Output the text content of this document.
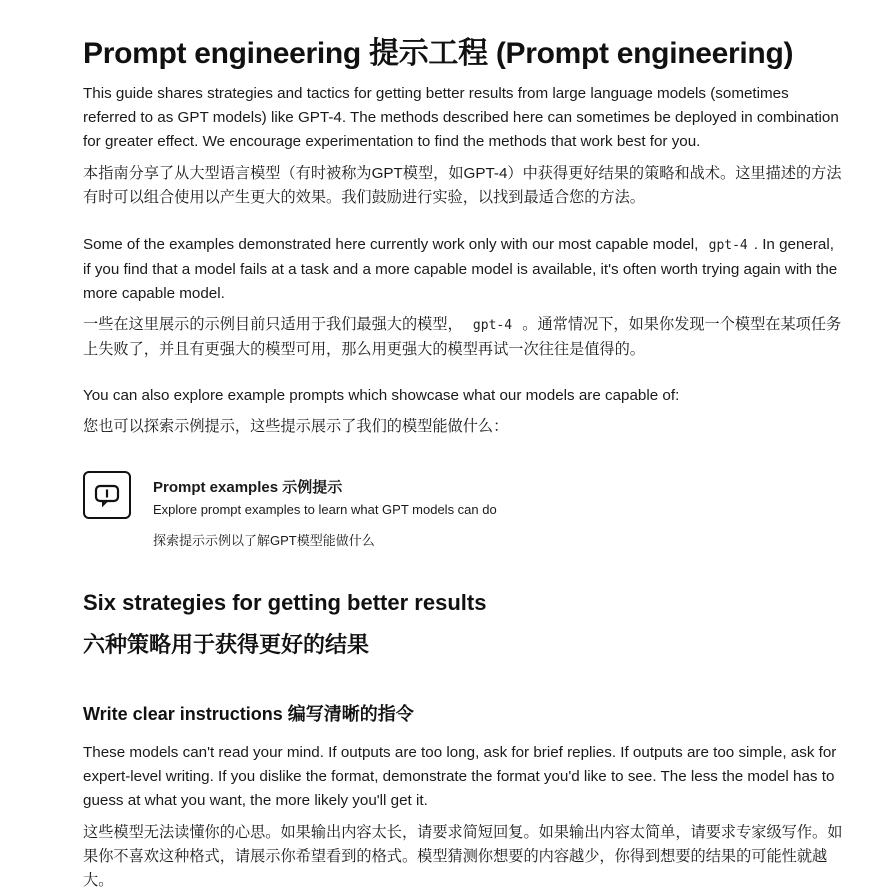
Prompt engineering 提示工程 (Prompt engineering)

This guide shares strategies and tactics for getting better results from large language models (sometimes referred to as GPT models) like GPT-4. The methods described here can sometimes be deployed in combination for greater effect. We encourage experimentation to find the methods that work best for you.

本指南分享了从大型语言模型（有时被称为GPT模型，如GPT-4）中获得更好结果的策略和战术。这里描述的方法有时可以组合使用以产生更大的效果。我们鼓励进行实验，以找到最适合您的方法。

Some of the examples demonstrated here currently work only with our most capable model, gpt-4 . In general, if you find that a model fails at a task and a more capable model is available, it's often worth trying again with the more capable model.

一些在这里展示的示例目前只适用于我们最强大的模型， gpt-4 。通常情况下，如果你发现一个模型在某项任务上失败了，并且有更强大的模型可用，那么用更强大的模型再试一次往往是值得的。

You can also explore example prompts which showcase what our models are capable of:

您也可以探索示例提示，这些提示展示了我们的模型能做什么：

Prompt examples 示例提示
Explore prompt examples to learn what GPT models can do
探索提示示例以了解GPT模型能做什么
Six strategies for getting better results
六种策略用于获得更好的结果
Write clear instructions 编写清晰的指令

These models can't read your mind. If outputs are too long, ask for brief replies. If outputs are too simple, ask for expert-level writing. If you dislike the format, demonstrate the format you'd like to see. The less the model has to guess at what you want, the more likely you'll get it.

这些模型无法读懂你的心思。如果输出内容太长，请要求简短回复。如果输出内容太简单，请要求专家级写作。如果你不喜欢这种格式，请展示你希望看到的格式。模型猜测你想要的内容越少，你得到想要的结果的可能性就越大。
